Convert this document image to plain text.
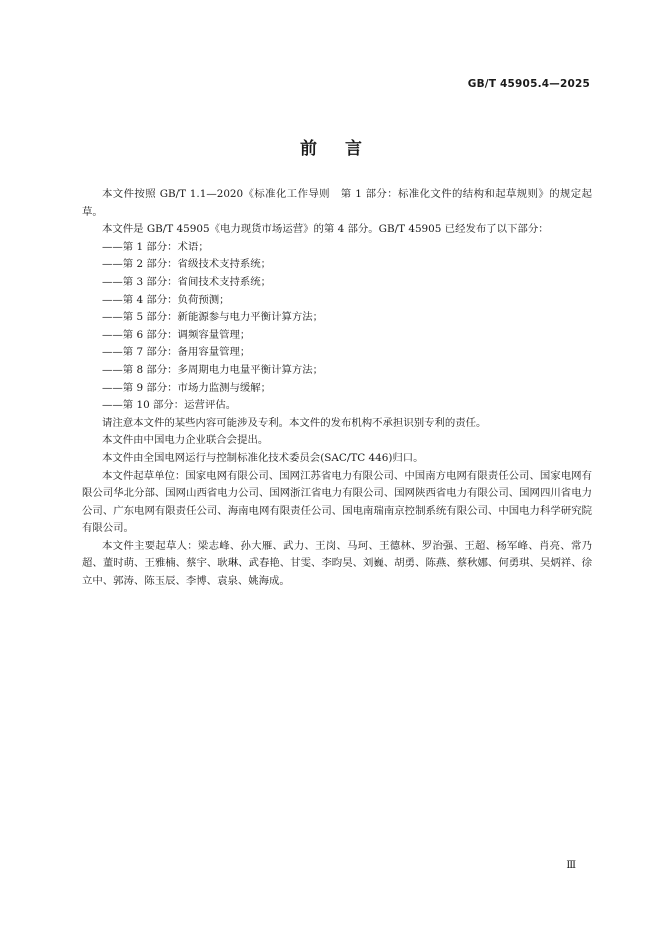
GB/T 45905.4—2025
前言

本文件按照 GB/T 1.1—2020《标准化工作导则　第 1 部分：标准化文件的结构和起草规则》的规定起草。

本文件是 GB/T 45905《电力现货市场运营》的第 4 部分。GB/T 45905 已经发布了以下部分：

——第 1 部分：术语；

——第 2 部分：省级技术支持系统；

——第 3 部分：省间技术支持系统；

——第 4 部分：负荷预测；

——第 5 部分：新能源参与电力平衡计算方法；

——第 6 部分：调频容量管理；

——第 7 部分：备用容量管理；

——第 8 部分：多周期电力电量平衡计算方法；

——第 9 部分：市场力监测与缓解；

——第 10 部分：运营评估。

请注意本文件的某些内容可能涉及专利。本文件的发布机构不承担识别专利的责任。

本文件由中国电力企业联合会提出。

本文件由全国电网运行与控制标准化技术委员会(SAC/TC 446)归口。

本文件起草单位：国家电网有限公司、国网江苏省电力有限公司、中国南方电网有限责任公司、国家电网有限公司华北分部、国网山西省电力公司、国网浙江省电力有限公司、国网陕西省电力有限公司、国网四川省电力公司、广东电网有限责任公司、海南电网有限责任公司、国电南瑞南京控制系统有限公司、中国电力科学研究院有限公司。

本文件主要起草人：梁志峰、孙大雁、武力、王岗、马珂、王德林、罗治强、王超、杨军峰、肖亮、常乃超、董时萌、王雅楠、蔡宇、耿琳、武春艳、甘雯、李昀昊、刘巍、胡勇、陈燕、蔡秋娜、何勇琪、吴炳祥、徐立中、郭涛、陈玉辰、李博、袁泉、姚海成。

Ⅲ
